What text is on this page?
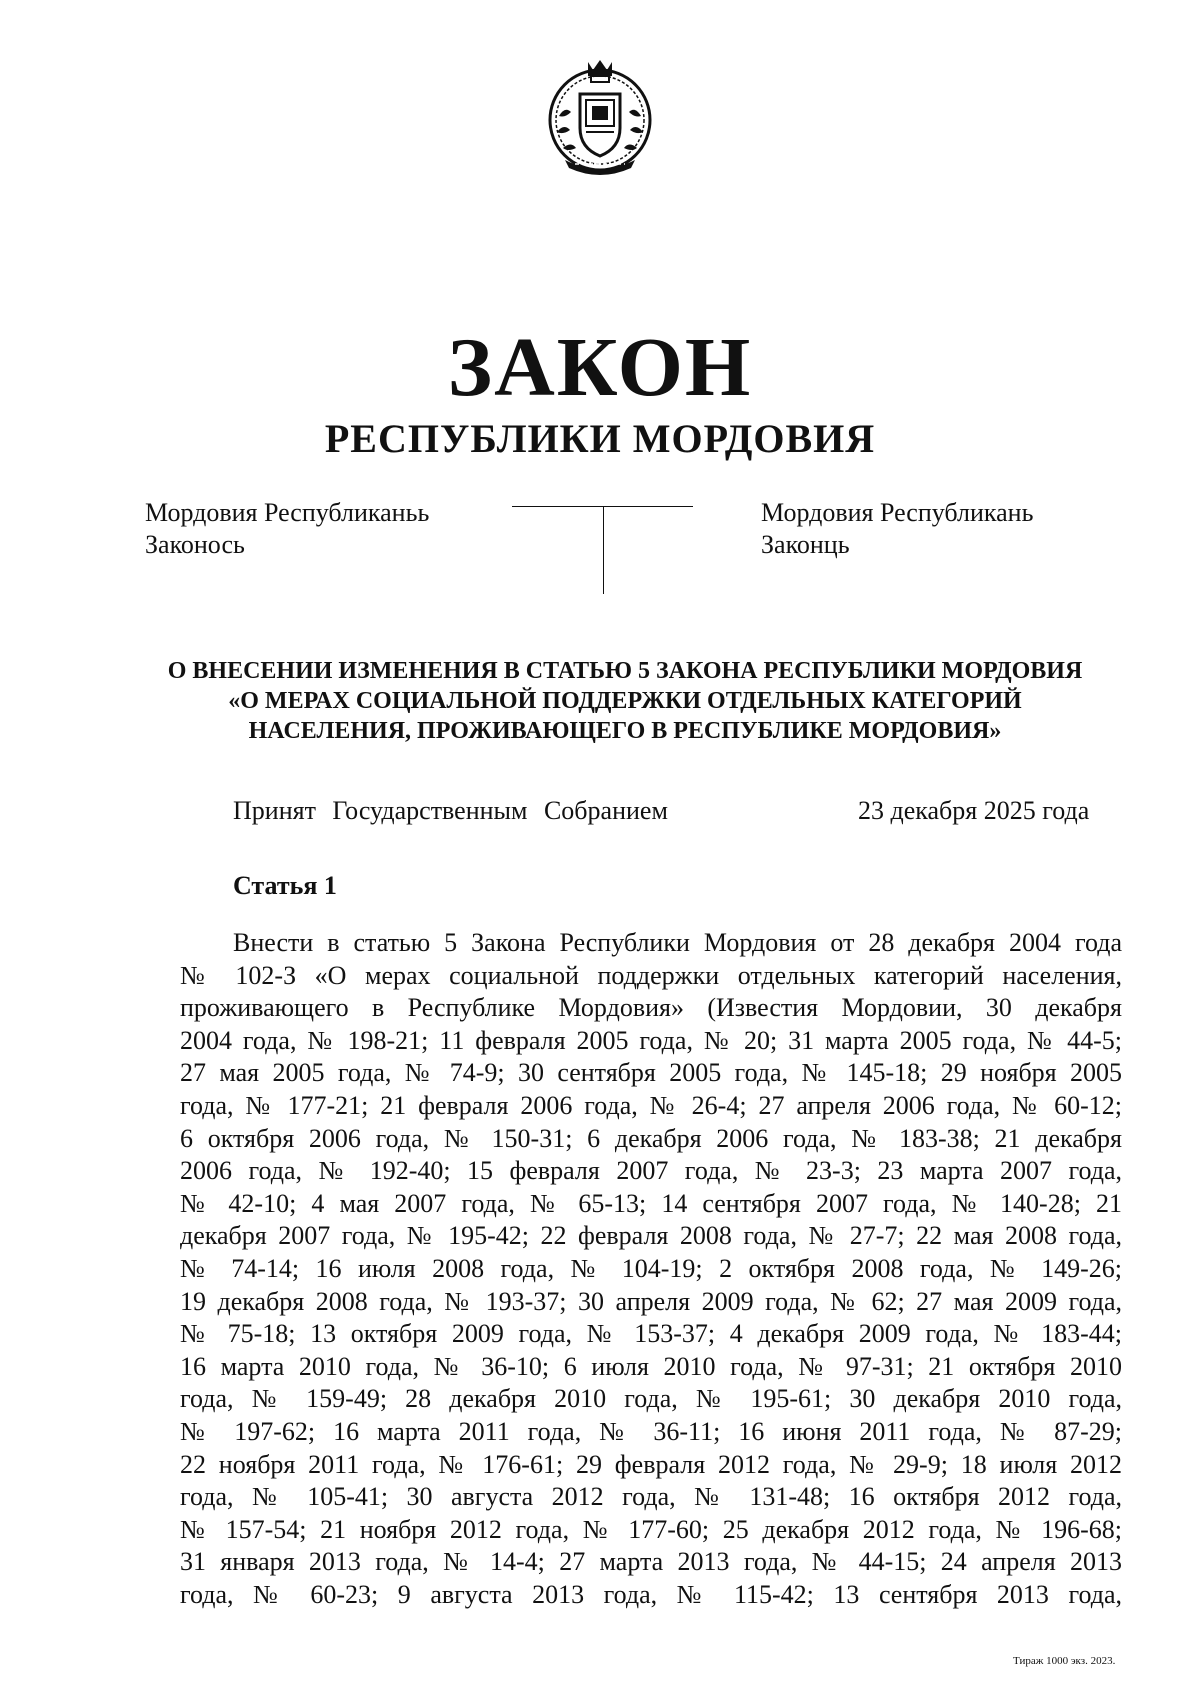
ЗАКОН
РЕСПУБЛИКИ МОРДОВИЯ
Мордовия Республиканьь
Законось
Мордовия Республикань
Законць
О ВНЕСЕНИИ ИЗМЕНЕНИЯ В СТАТЬЮ 5 ЗАКОНА РЕСПУБЛИКИ МОРДОВИЯ
«О МЕРАХ СОЦИАЛЬНОЙ ПОДДЕРЖКИ ОТДЕЛЬНЫХ КАТЕГОРИЙ
НАСЕЛЕНИЯ, ПРОЖИВАЮЩЕГО В РЕСПУБЛИКЕ МОРДОВИЯ»
Принят Государственным Собранием	23 декабря 2025 года
Статья 1
Внести в статью 5 Закона Республики Мордовия от 28 декабря 2004 года
№ 102-З «О мерах социальной поддержки отдельных категорий населения,
проживающего в Республике Мордовия» (Известия Мордовии, 30 декабря
2004 года, № 198-21; 11 февраля 2005 года, № 20; 31 марта 2005 года, № 44-5;
27 мая 2005 года, № 74-9; 30 сентября 2005 года, № 145-18; 29 ноября 2005
года, № 177-21; 21 февраля 2006 года, № 26-4; 27 апреля 2006 года, № 60-12;
6 октября 2006 года, № 150-31; 6 декабря 2006 года, № 183-38; 21 декабря
2006 года, № 192-40; 15 февраля 2007 года, № 23-3; 23 марта 2007 года,
№ 42-10; 4 мая 2007 года, № 65-13; 14 сентября 2007 года, № 140-28; 21
декабря 2007 года, № 195-42; 22 февраля 2008 года, № 27-7; 22 мая 2008 года,
№ 74-14; 16 июля 2008 года, № 104-19; 2 октября 2008 года, № 149-26;
19 декабря 2008 года, № 193-37; 30 апреля 2009 года, № 62; 27 мая 2009 года,
№ 75-18; 13 октября 2009 года, № 153-37; 4 декабря 2009 года, № 183-44;
16 марта 2010 года, № 36-10; 6 июля 2010 года, № 97-31; 21 октября 2010
года, № 159-49; 28 декабря 2010 года, № 195-61; 30 декабря 2010 года,
№ 197-62; 16 марта 2011 года, № 36-11; 16 июня 2011 года, № 87-29;
22 ноября 2011 года, № 176-61; 29 февраля 2012 года, № 29-9; 18 июля 2012
года, № 105-41; 30 августа 2012 года, № 131-48; 16 октября 2012 года,
№ 157-54; 21 ноября 2012 года, № 177-60; 25 декабря 2012 года, № 196-68;
31 января 2013 года, № 14-4; 27 марта 2013 года, № 44-15; 24 апреля 2013
года, № 60-23; 9 августа 2013 года, № 115-42; 13 сентября 2013 года,
Тираж 1000 экз. 2023.
